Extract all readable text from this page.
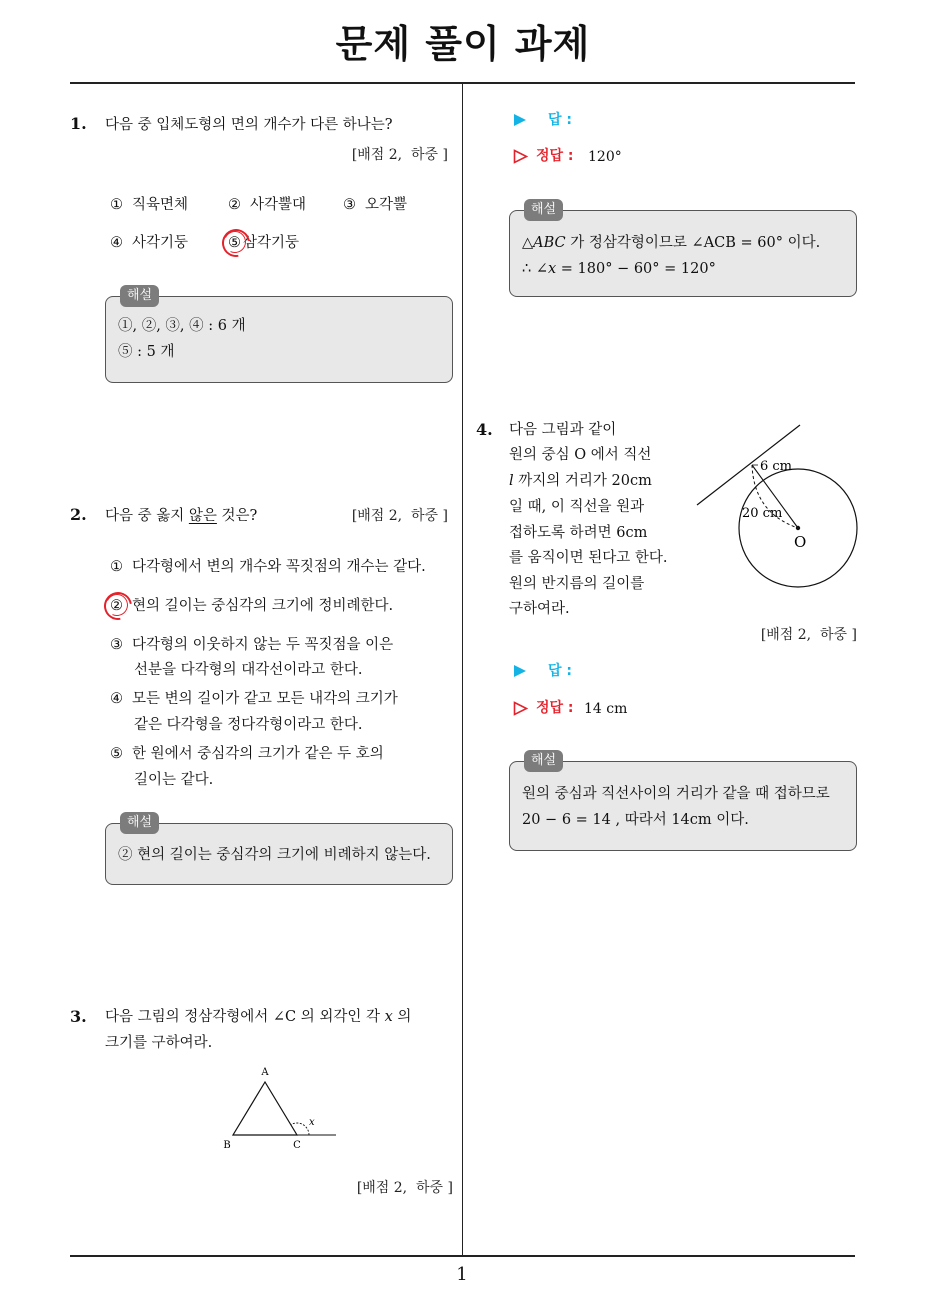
문제 풀이 과제
1
1. 다음 중 입체도형의 면의 개수가 다른 하나는?
[배점 2,  하중 ]
① 직육면체	② 사각뿔대	③ 오각뿔
④ 사각기둥	⑤ 삼각기둥
해설
①, ②, ③, ④ : 6 개
⑤ : 5 개
2. 다음 중 옳지 않은 것은?	[배점 2,  하중 ]
① 다각형에서 변의 개수와 꼭짓점의 개수는 같다.
② 현의 길이는 중심각의 크기에 정비례한다.
③ 다각형의 이웃하지 않는 두 꼭짓점을 이은
선분을 다각형의 대각선이라고 한다.
④ 모든 변의 길이가 같고 모든 내각의 크기가
같은 다각형을 정다각형이라고 한다.
⑤ 한 원에서 중심각의 크기가 같은 두 호의
길이는 같다.
해설
② 현의 길이는 중심각의 크기에 비례하지 않는다.
3. 다음 그림의 정삼각형에서 ∠C 의 외각인 각 x 의
크기를 구하여라.
A
B	C
x
[배점 2,  하중 ]
답 :
정답 : 120°
해설
△ABC 가 정삼각형이므로 ∠ACB = 60° 이다.
∴ ∠x = 180° − 60° = 120°
4. 다음 그림과 같이
원의 중심 O 에서 직선
l 까지의 거리가 20cm
일 때, 이 직선을 원과
접하도록 하려면 6cm
를 움직이면 된다고 한다.
원의 반지름의 길이를
구하여라.
6 cm
20 cm
O
[배점 2,  하중 ]
답 :
정답 : 14 cm
해설
원의 중심과 직선사이의 거리가 같을 때 접하므로
20 − 6 = 14 , 따라서 14cm 이다.
